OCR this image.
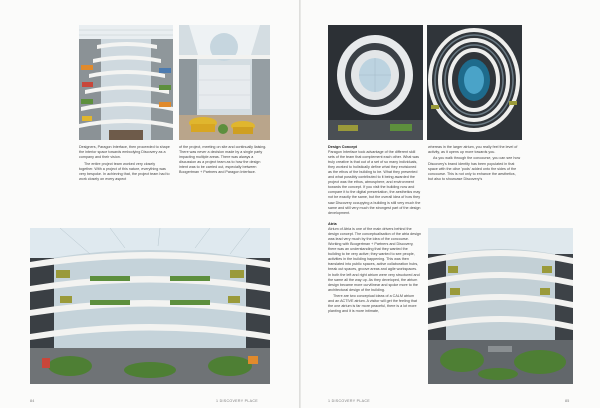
Designers, Paragon Interface, then proceeded to shape the interior space towards embodying Discovery as a company and their vision.

The entire project team worked very closely together. With a project of this nature, everything was very bespoke. In achieving that, the project team had to work closely on every aspect

of the project, meeting on site and continually liaising. There was never a decision made by a single party impacting multiple areas. There was always a discussion as a project team as to how the design intent was to be carried out, especially between Boogertman + Partners and Paragon Interface.

84	1 DISCOVERY PLACE
Design Concept

Paragon Interface took advantage of the different skill sets of the team that complement each other. What was truly creative is that out of a set of so many individuals, they worked to holistically define what they envisioned as the ethos of the building to be. What they presented and what possibly contributed to it being awarded the project was the ethos, atmosphere, and environment towards the concept. If you visit the building now and compare it to the digital presentation, the aesthetics may not be exactly the same, but the overall idea of how they saw Discovery occupying a building is still very much the same and still very much the strongest part of the design development.

Atria

Atrium of Atria is one of the main drivers behind the design concept. The conceptualisation of the atria design was lead very much by the idea of the concourse. Working with Boogertman + Partners and Discovery, there was an understanding that they wanted the building to be very active; they wanted to see people, activities in the building happening. This was then translated into public spaces, active collaboration hubs, break out spaces, groove areas and agile workspaces. In both the left and right atrium were very structured and the same all the way up. As they developed, the atrium design became more curvilinear and spoke more to the architectural design of the building.

There are two conceptual ideas of a CALM atrium and an ACTIVE atrium. A visitor will get the feeling that the one atrium is far more peaceful, there is a lot more planting and it is more intimate,

whereas in the larger atrium, you really feel the level of activity, as it opens up more towards you.

As you walk through the concourse, you can see how Discovery's brand identity has been populated in that space with the olive 'pods' added onto the sides of the concourse. This is not only to enhance the aesthetics, but also to showcase Discovery's

1 DISCOVERY PLACE	85
